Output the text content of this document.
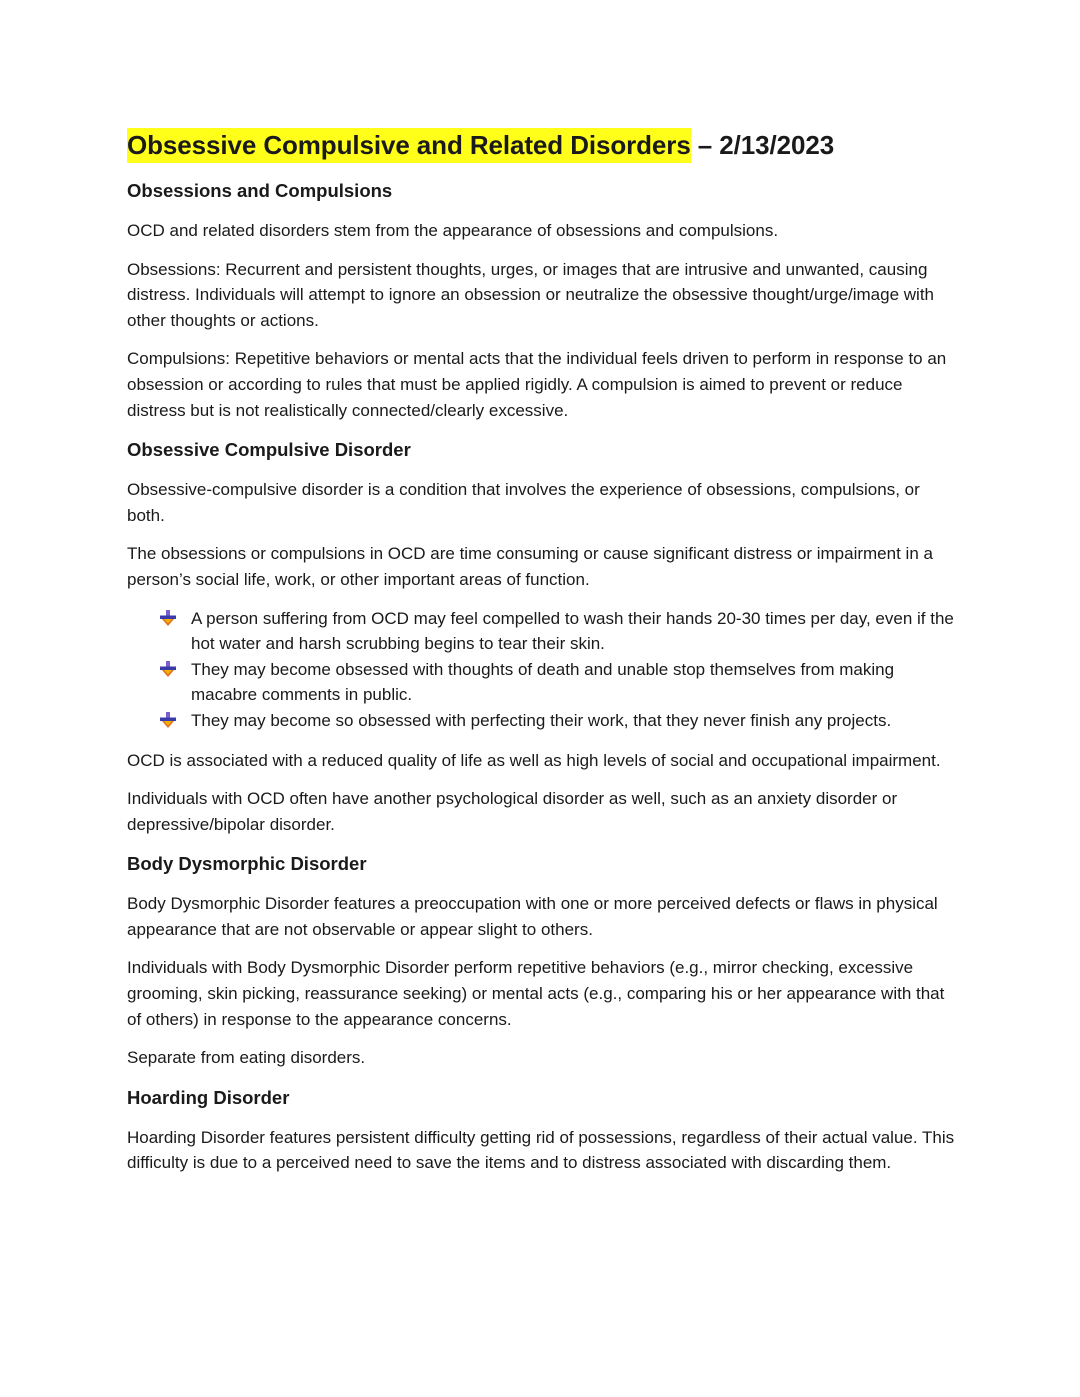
Obsessive Compulsive and Related Disorders – 2/13/2023
Obsessions and Compulsions

OCD and related disorders stem from the appearance of obsessions and compulsions.

Obsessions: Recurrent and persistent thoughts, urges, or images that are intrusive and unwanted, causing distress. Individuals will attempt to ignore an obsession or neutralize the obsessive thought/urge/image with other thoughts or actions.

Compulsions: Repetitive behaviors or mental acts that the individual feels driven to perform in response to an obsession or according to rules that must be applied rigidly. A compulsion is aimed to prevent or reduce distress but is not realistically connected/clearly excessive.

Obsessive Compulsive Disorder

Obsessive-compulsive disorder is a condition that involves the experience of obsessions, compulsions, or both.

The obsessions or compulsions in OCD are time consuming or cause significant distress or impairment in a person’s social life, work, or other important areas of function.

A person suffering from OCD may feel compelled to wash their hands 20-30 times per day, even if the hot water and harsh scrubbing begins to tear their skin.
They may become obsessed with thoughts of death and unable stop themselves from making macabre comments in public.
They may become so obsessed with perfecting their work, that they never finish any projects.

OCD is associated with a reduced quality of life as well as high levels of social and occupational impairment.

Individuals with OCD often have another psychological disorder as well, such as an anxiety disorder or depressive/bipolar disorder.

Body Dysmorphic Disorder

Body Dysmorphic Disorder features a preoccupation with one or more perceived defects or flaws in physical appearance that are not observable or appear slight to others.

Individuals with Body Dysmorphic Disorder perform repetitive behaviors (e.g., mirror checking, excessive grooming, skin picking, reassurance seeking) or mental acts (e.g., comparing his or her appearance with that of others) in response to the appearance concerns.

Separate from eating disorders.

Hoarding Disorder

Hoarding Disorder features persistent difficulty getting rid of possessions, regardless of their actual value. This difficulty is due to a perceived need to save the items and to distress associated with discarding them.
